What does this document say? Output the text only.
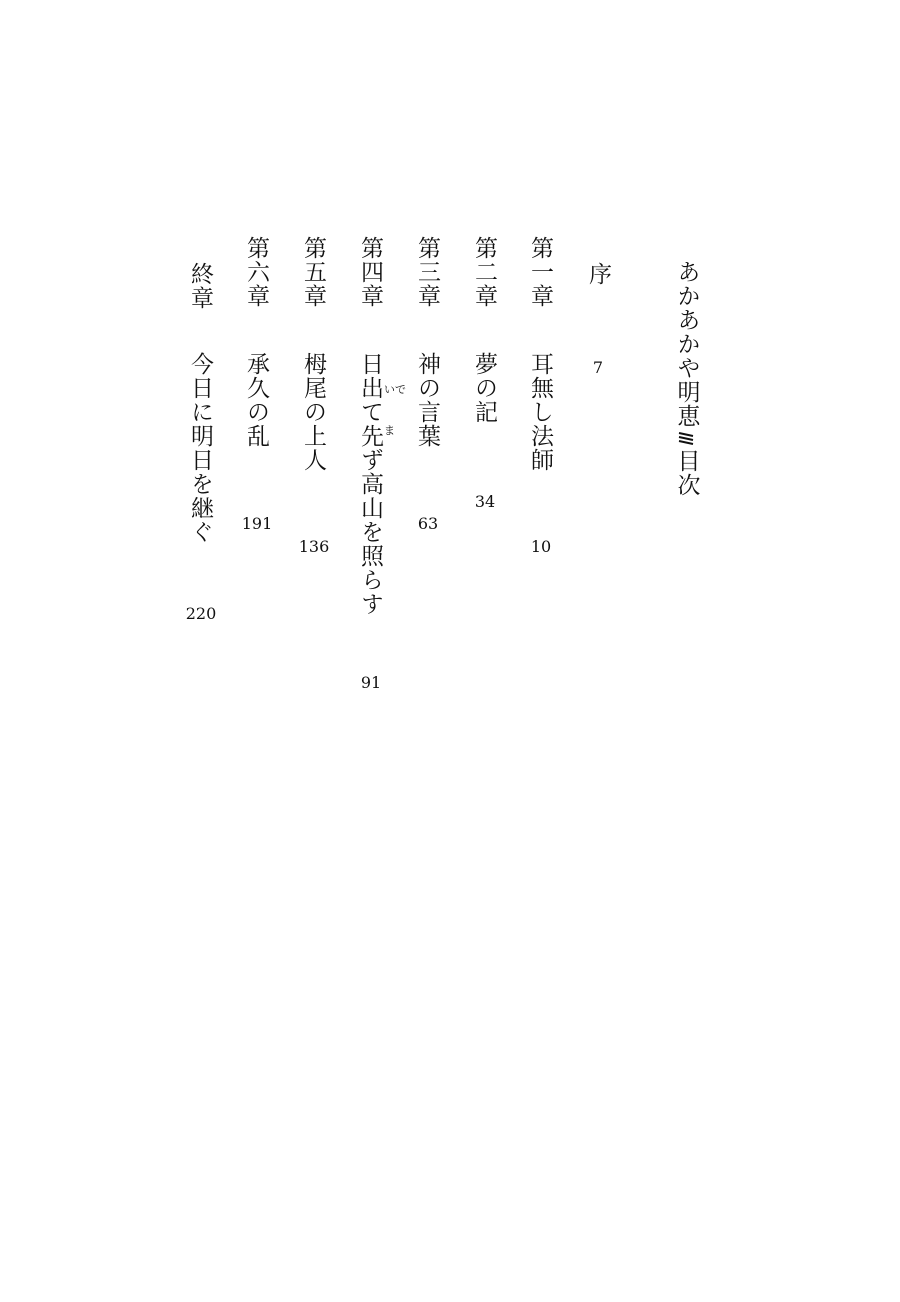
あかあかや明恵
目次
序
7
第一章
耳無し法師
10
第二章
夢の記
34
第三章
神の言葉
63
第四章
日出て先ず高山を照らす いで
ま
91
第五章
栂尾の上人
136
第六章
承久の乱
191
終章
今日に明日を継ぐ
220
